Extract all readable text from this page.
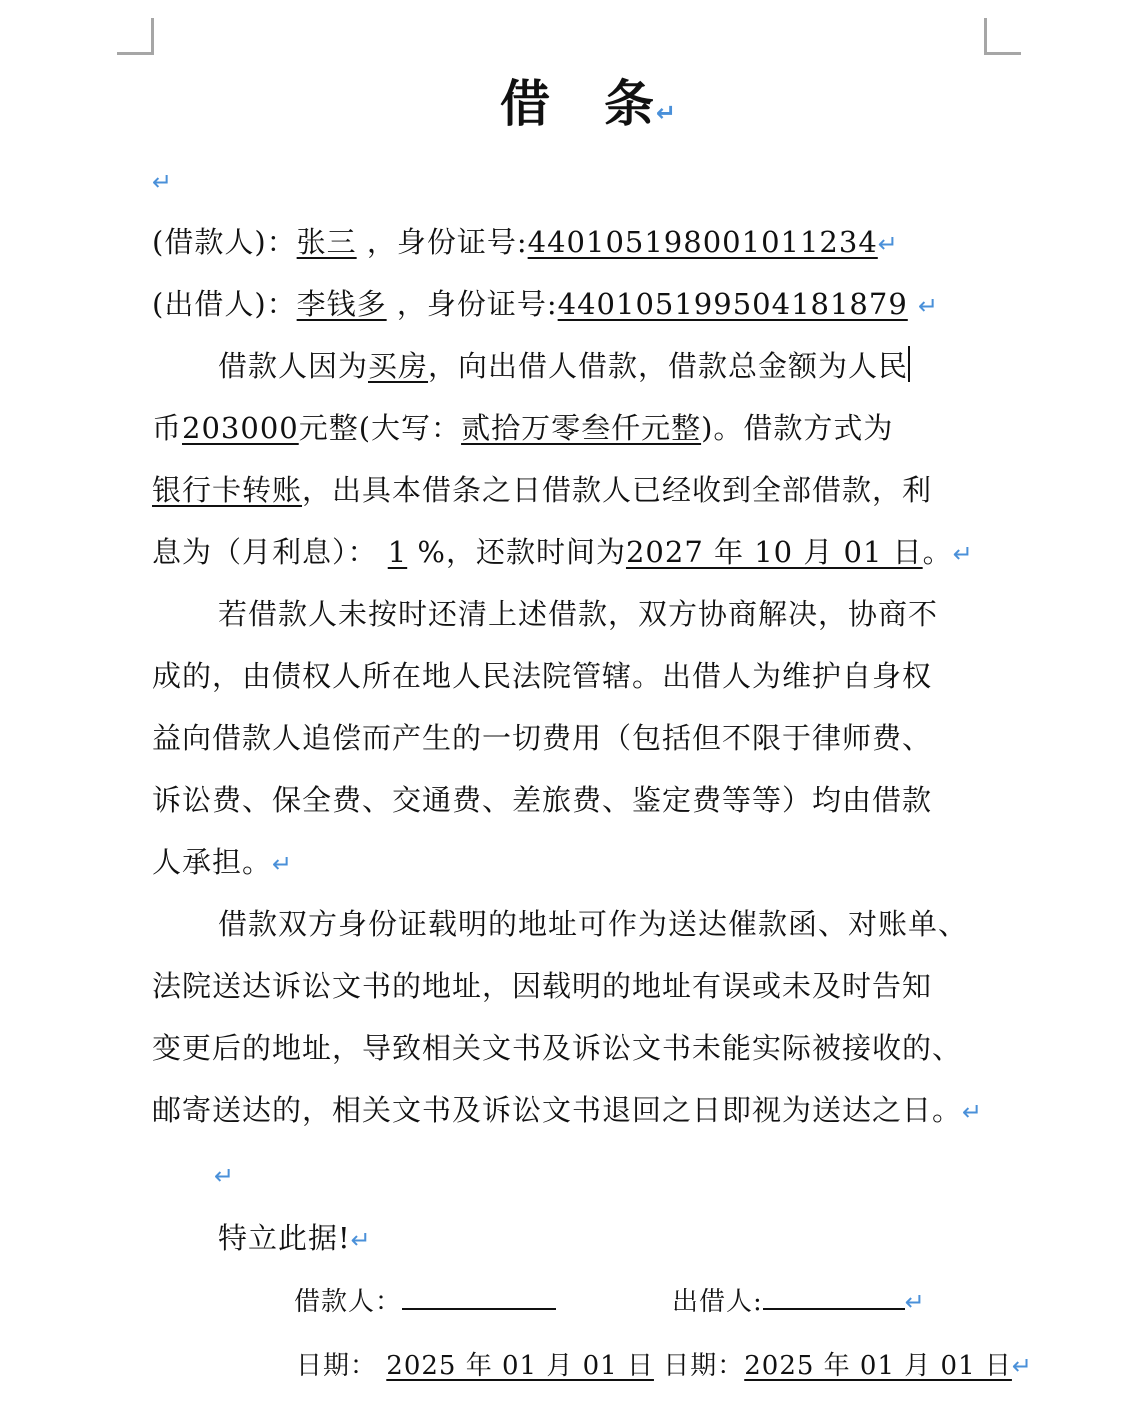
借　条↵
↵
(借款人)：张三 ，身份证号:440105198001011234↵
(出借人)：李钱多 ，身份证号:440105199504181879 ↵
借款人因为买房，向出借人借款，借款总金额为人民
币203000元整(大写：贰拾万零叁仟元整)。借款方式为
银行卡转账，出具本借条之日借款人已经收到全部借款，利
息为（月利息）： 1 %，还款时间为2027 年 10 月 01 日。↵
若借款人未按时还清上述借款，双方协商解决，协商不
成的，由债权人所在地人民法院管辖。出借人为维护自身权
益向借款人追偿而产生的一切费用（包括但不限于律师费、
诉讼费、保全费、交通费、差旅费、鉴定费等等）均由借款
人承担。↵
借款双方身份证载明的地址可作为送达催款函、对账单、
法院送达诉讼文书的地址，因载明的地址有误或未及时告知
变更后的地址，导致相关文书及诉讼文书未能实际被接收的、
邮寄送达的，相关文书及诉讼文书退回之日即视为送达之日。↵
↵
特立此据!↵
借款人：	出借人:	↵
日期： 2025 年 01 月 01 日 日期：2025 年 01 月 01 日↵
